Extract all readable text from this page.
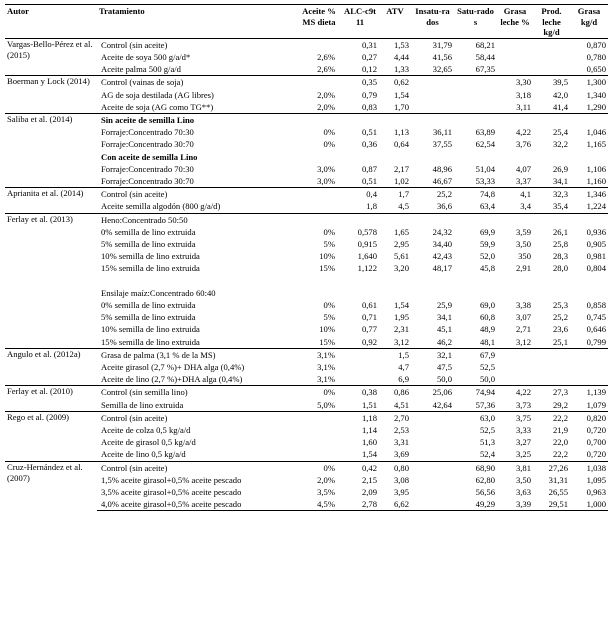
Autor	Tratamiento	Aceite % MS dieta	ALC-c9t11	ATV	Insatu-rados	Satu-rados	Grasa leche %	Prod. leche kg/d	Grasa kg/d
Vargas-Bello-Pérez et al. (2015)	Control (sin aceite)		0,31	1,53	31,79	68,21			0,870
	Aceite de soya 500 g/a/d*	2,6%	0,27	4,44	41,56	58,44			0,780
	Aceite palma 500 g/a/d	2,6%	0,12	1,33	32,65	67,35			0,650
Boerman y Lock (2014)	Control (vainas de soja)		0,35	0,62			3,30	39,5	1,300
	AG de soja destilada (AG libres)	2,0%	0,79	1,54			3,18	42,0	1,340
	Aceite de soja (AG como TG**)	2,0%	0,83	1,70			3,11	41,4	1,290
Saliba et al. (2014)	Sin aceite de semilla Lino								
	Forraje:Concentrado 70:30	0%	0,51	1,13	36,11	63,89	4,22	25,4	1,046
	Forraje:Concentrado 30:70	0%	0,36	0,64	37,55	62,54	3,76	32,2	1,165
	Con aceite de semilla Lino								
	Forraje:Concentrado 70:30	3,0%	0,87	2,17	48,96	51,04	4,07	26,9	1,106
	Forraje:Concentrado 30:70	3,0%	0,51	1,02	46,67	53,33	3,37	34,1	1,160
Aprianita et al. (2014)	Control (sin aceite)		0,4	1,7	25,2	74,8	4,1	32,3	1,346
	Aceite semilla algodón (800 g/a/d)		1,8	4,5	36,6	63,4	3,4	35,4	1,224
Ferlay et al. (2013)	Heno:Concentrado 50:50								
	0% semilla de lino extruida	0%	0,578	1,65	24,32	69,9	3,59	26,1	0,936
	5% semilla de lino extruida	5%	0,915	2,95	34,40	59,9	3,50	25,8	0,905
	10% semilla de lino extruida	10%	1,640	5,61	42,43	52,0	350	28,3	0,981
	15% semilla de lino extruida	15%	1,122	3,20	48,17	45,8	2,91	28,0	0,804

	Ensilaje maíz:Concentrado 60:40								
	0% semilla de lino extruida	0%	0,61	1,54	25,9	69,0	3,38	25,3	0,858
	5% semilla de lino extruida	5%	0,71	1,95	34,1	60,8	3,07	25,2	0,745
	10% semilla de lino extruida	10%	0,77	2,31	45,1	48,9	2,71	23,6	0,646
	15% semilla de lino extruida	15%	0,92	3,12	46,2	48,1	3,12	25,1	0,799
Angulo et al. (2012a)	Grasa de palma (3,1 % de la MS)	3,1%		1,5	32,1	67,9			
	Aceite girasol (2,7 %)+ DHA alga (0,4%)	3,1%		4,7	47,5	52,5			
	Aceite de lino (2,7 %)+DHA alga (0,4%)	3,1%		6,9	50,0	50,0			
Ferlay et al. (2010)	Control (sin semilla lino)	0%	0,38	0,86	25,06	74,94	4,22	27,3	1,139
	Semilla de lino extruida	5,0%	1,51	4,51	42,64	57,36	3,73	29,2	1,079
Rego et al. (2009)	Control (sin aceite)		1,18	2,70		63,0	3,75	22,2	0,820
	Aceite de colza 0,5 kg/a/d		1,14	2,53		52,5	3,33	21,9	0,720
	Aceite de girasol 0,5 kg/a/d		1,60	3,31		51,3	3,27	22,0	0,700
	Aceite de lino 0,5 kg/a/d		1,54	3,69		52,4	3,25	22,2	0,720
Cruz-Hernández et al. (2007)	Control (sin aceite)	0%	0,42	0,80		68,90	3,81	27,26	1,038
	1,5% aceite girasol+0,5% aceite pescado	2,0%	2,15	3,08		62,80	3,50	31,31	1,095
	3,5% aceite girasol+0,5% aceite pescado	3,5%	2,09	3,95		56,56	3,63	26,55	0,963
	4,0% aceite girasol+0,5% aceite pescado	4,5%	2,78	6,62		49,29	3,39	29,51	1,000
